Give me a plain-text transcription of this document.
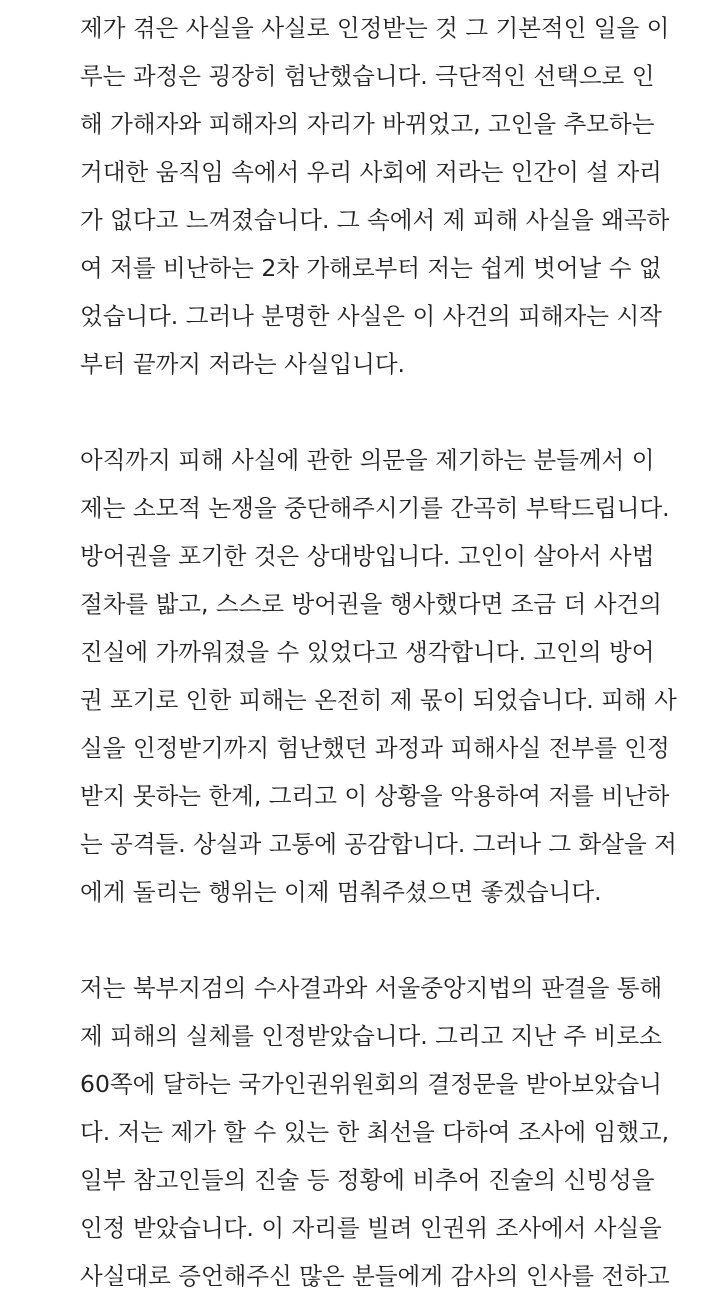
제가 겪은 사실을 사실로 인정받는 것 그 기본적인 일을 이
루는 과정은 굉장히 험난했습니다. 극단적인 선택으로 인
해 가해자와 피해자의 자리가 바뀌었고, 고인을 추모하는
거대한 움직임 속에서 우리 사회에 저라는 인간이 설 자리
가 없다고 느껴졌습니다. 그 속에서 제 피해 사실을 왜곡하
여 저를 비난하는 2차 가해로부터 저는 쉽게 벗어날 수 없
었습니다. 그러나 분명한 사실은 이 사건의 피해자는 시작
부터 끝까지 저라는 사실입니다.
아직까지 피해 사실에 관한 의문을 제기하는 분들께서 이
제는 소모적 논쟁을 중단해주시기를 간곡히 부탁드립니다.
방어권을 포기한 것은 상대방입니다. 고인이 살아서 사법
절차를 밟고, 스스로 방어권을 행사했다면 조금 더 사건의
진실에 가까워졌을 수 있었다고 생각합니다. 고인의 방어
권 포기로 인한 피해는 온전히 제 몫이 되었습니다. 피해 사
실을 인정받기까지 험난했던 과정과 피해사실 전부를 인정
받지 못하는 한계, 그리고 이 상황을 악용하여 저를 비난하
는 공격들. 상실과 고통에 공감합니다. 그러나 그 화살을 저
에게 돌리는 행위는 이제 멈춰주셨으면 좋겠습니다.
저는 북부지검의 수사결과와 서울중앙지법의 판결을 통해
제 피해의 실체를 인정받았습니다. 그리고 지난 주 비로소
60쪽에 달하는 국가인권위원회의 결정문을 받아보았습니
다. 저는 제가 할 수 있는 한 최선을 다하여 조사에 임했고,
일부 참고인들의 진술 등 정황에 비추어 진술의 신빙성을
인정 받았습니다. 이 자리를 빌려 인권위 조사에서 사실을
사실대로 증언해주신 많은 분들에게 감사의 인사를 전하고
